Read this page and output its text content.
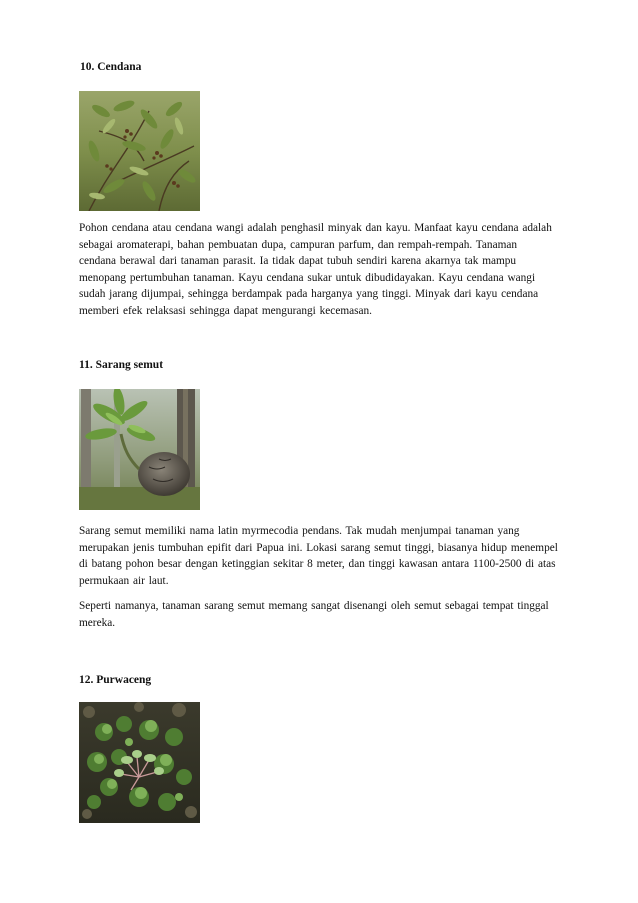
10. Cendana
Pohon cendana atau cendana wangi adalah penghasil minyak dan kayu. Manfaat kayu cendana adalah
sebagai aromaterapi, bahan pembuatan dupa, campuran parfum, dan rempah-rempah. Tanaman
cendana berawal dari tanaman parasit. Ia tidak dapat tubuh sendiri karena akarnya tak mampu
menopang pertumbuhan tanaman. Kayu cendana sukar untuk dibudidayakan. Kayu cendana wangi
sudah jarang dijumpai, sehingga berdampak pada harganya yang tinggi. Minyak dari kayu cendana
memberi efek relaksasi sehingga dapat mengurangi kecemasan.
11. Sarang semut
Sarang semut memiliki nama latin myrmecodia pendans. Tak mudah menjumpai tanaman yang
merupakan jenis tumbuhan epifit dari Papua ini. Lokasi sarang semut tinggi, biasanya hidup menempel
di batang pohon besar dengan ketinggian sekitar 8 meter, dan tinggi kawasan antara 1100-2500 di atas
permukaan air laut.
Seperti namanya, tanaman sarang semut memang sangat disenangi oleh semut sebagai tempat tinggal
mereka.
12. Purwaceng
